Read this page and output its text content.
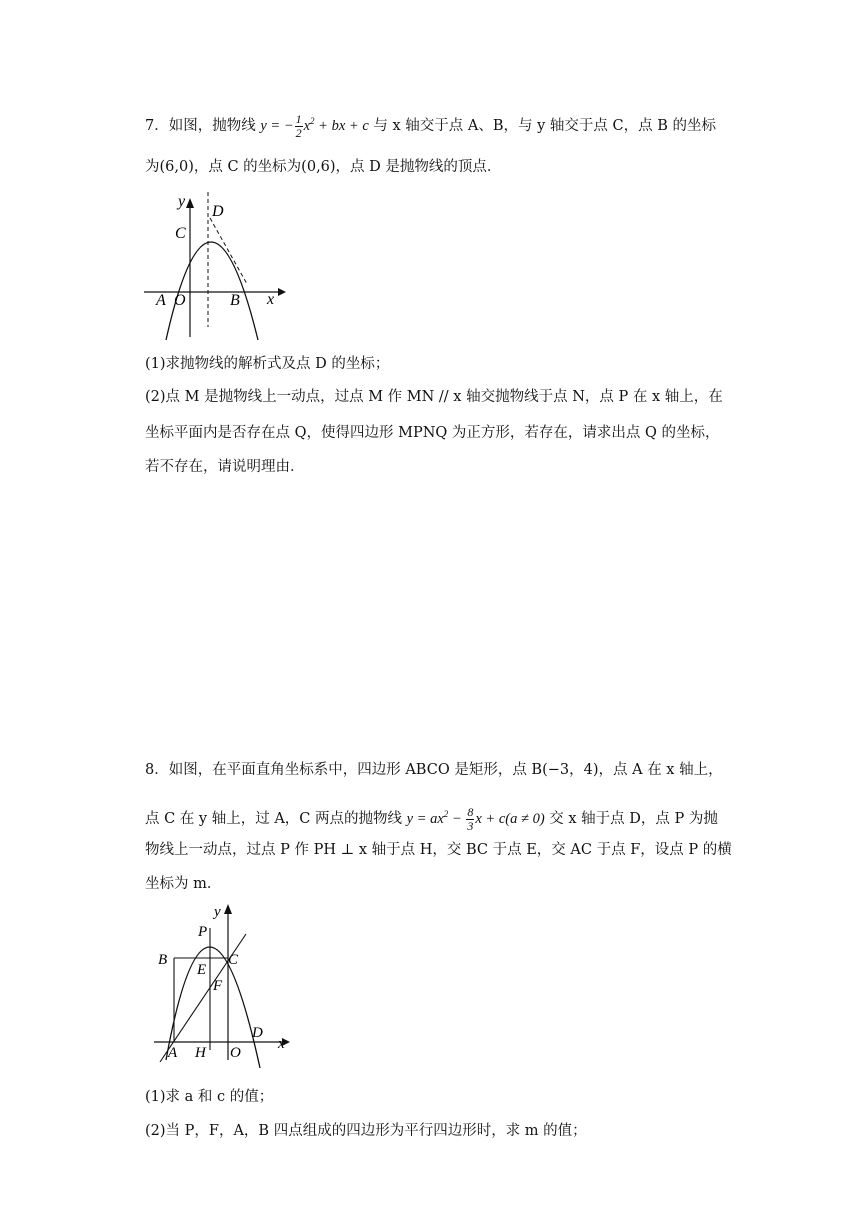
7．如图，抛物线 y = − $\frac{1}{2} x^2$ + bx + c 与 x 轴交于点 A、B，与 y 轴交于点 C，点 B 的坐标
为(6,0)，点 C 的坐标为(0,6)，点 D 是抛物线的顶点．
y
D
C
A O	B x
(1)求抛物线的解析式及点 D 的坐标；
(2)点 M 是抛物线上一动点，过点 M 作 MN // x 轴交抛物线于点 N，点 P 在 x 轴上，在
坐标平面内是否存在点 Q，使得四边形 MPNQ 为正方形，若存在，请求出点 Q 的坐标，
若不存在，请说明理由．
8．如图，在平面直角坐标系中，四边形 ABCO 是矩形，点 B(−3，4)，点 A 在 x 轴上，
点 C 在 y 轴上，过 A，C 两点的抛物线 $y = ax^2 - \frac{8}{3}$ x + c(a ≠ 0) 交 x 轴于点 D，点 P 为抛
物线上一动点，过点 P 作 PH ⊥ x 轴于点 H，交 BC 于点 E，交 AC 于点 F，设点 P 的横
坐标为 m．
y
P
B
E
C
F
D
A H O
x
(1)求 a 和 c 的值；
(2)当 P，F，A，B 四点组成的四边形为平行四边形时，求 m 的值；
